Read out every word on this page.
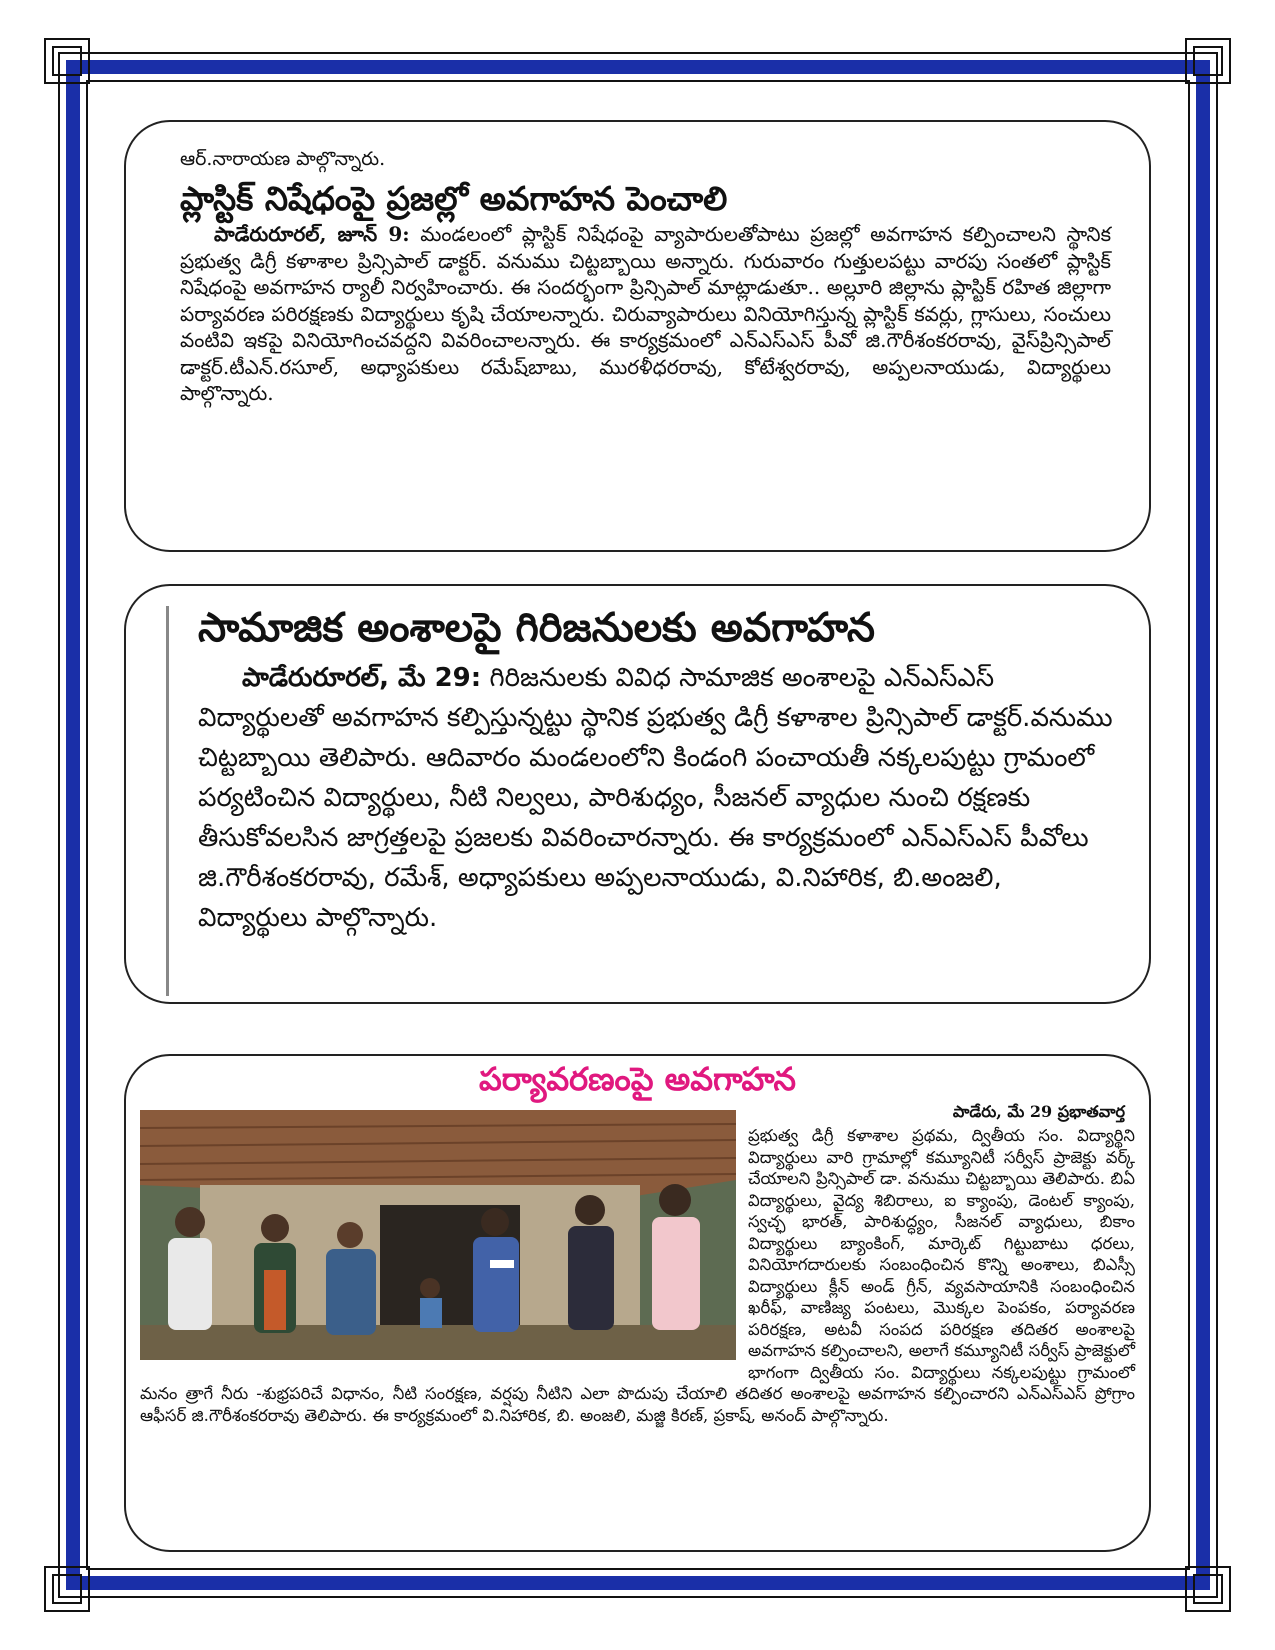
ఆర్.నారాయణ పాల్గొన్నారు.

ప్లాస్టిక్ నిషేధంపై ప్రజల్లో అవగాహన పెంచాలి

పాడేరురూరల్, జూన్ 9: మండలంలో ప్లాస్టిక్ నిషేధంపై వ్యాపారులతోపాటు ప్రజల్లో అవగాహన కల్పించాలని స్థానిక ప్రభుత్వ డిగ్రీ కళాశాల ప్రిన్సిపాల్ డాక్టర్. వనుము చిట్టబ్బాయి అన్నారు. గురువారం గుత్తులపట్టు వారపు సంతలో ప్లాస్టిక్ నిషేధంపై అవగాహన ర్యాలీ నిర్వహించారు. ఈ సందర్భంగా ప్రిన్సిపాల్ మాట్లాడుతూ.. అల్లూరి జిల్లాను ప్లాస్టిక్ రహిత జిల్లాగా పర్యావరణ పరిరక్షణకు విద్యార్థులు కృషి చేయాలన్నారు. చిరువ్యాపారులు వినియోగిస్తున్న ప్లాస్టిక్ కవర్లు, గ్లాసులు, సంచులు వంటివి ఇకపై వినియోగించవద్దని వివరించాలన్నారు. ఈ కార్యక్రమంలో ఎన్ఎస్ఎస్ పీవో జి.గౌరీశంకరరావు, వైస్‌ప్రిన్సిపాల్ డాక్టర్.టీఎన్.రసూల్, అధ్యాపకులు రమేష్‌బాబు, మురళీధరరావు, కోటేశ్వరరావు, అప్పలనాయుడు, విద్యార్థులు పాల్గొన్నారు.

సామాజిక అంశాలపై గిరిజనులకు అవగాహన

పాడేరురూరల్, మే 29: గిరిజనులకు వివిధ సామాజిక అంశాలపై ఎన్ఎస్ఎస్ విద్యార్థులతో అవగాహన కల్పిస్తున్నట్టు స్థానిక ప్రభుత్వ డిగ్రీ కళాశాల ప్రిన్సిపాల్ డాక్టర్.వనుము చిట్టబ్బాయి తెలిపారు. ఆదివారం మండలంలోని కిండంగి పంచాయతీ నక్కలపుట్టు గ్రామంలో పర్యటించిన విద్యార్థులు, నీటి నిల్వలు, పారిశుధ్యం, సీజనల్ వ్యాధుల నుంచి రక్షణకు తీసుకోవలసిన జాగ్రత్తలపై ప్రజలకు వివరించారన్నారు. ఈ కార్యక్రమంలో ఎన్ఎస్ఎస్ పీవోలు జి.గౌరీశంకరరావు, రమేశ్, అధ్యాపకులు అప్పలనాయుడు, వి.నిహారిక, బి.అంజలి, విద్యార్థులు పాల్గొన్నారు.

పర్యావరణంపై అవగాహన

పాడేరు, మే 29 ప్రభాతవార్త

ప్రభుత్వ డిగ్రీ కళాశాల ప్రథమ, ద్వితీయ సం. విద్యార్థిని విద్యార్థులు వారి గ్రామాల్లో కమ్యూనిటీ సర్వీస్ ప్రాజెక్టు వర్క్ చేయాలని ప్రిన్సిపాల్ డా. వనుము చిట్టబ్బాయి తెలిపారు. బిఏ విద్యార్థులు, వైద్య శిబిరాలు, ఐ క్యాంపు, డెంటల్ క్యాంపు, స్వచ్ఛ భారత్, పారిశుద్ధ్యం, సీజనల్ వ్యాధులు, బికాం విద్యార్థులు బ్యాంకింగ్, మార్కెట్ గిట్టుబాటు ధరలు, వినియోగదారులకు సంబంధించిన కొన్ని అంశాలు, బిఎస్సీ విద్యార్థులు క్లీన్ అండ్ గ్రీన్, వ్యవసాయానికి సంబంధించిన ఖరీఫ్, వాణిజ్య పంటలు, మొక్కల పెంపకం, పర్యావరణ పరిరక్షణ, అటవీ సంపద పరిరక్షణ తదితర అంశాలపై అవగాహన కల్పించాలని, అలాగే కమ్యూనిటీ సర్వీస్ ప్రాజెక్టులో భాగంగా ద్వితీయ సం. విద్యార్థులు నక్కలపుట్టు గ్రామంలో మనం త్రాగే నీరు -శుభ్రపరిచే విధానం, నీటి సంరక్షణ, వర్షపు నీటిని ఎలా పొదుపు చేయాలి తదితర అంశాలపై అవగాహన కల్పించారని ఎన్ఎస్ఎస్ ప్రోగ్రాం ఆఫీసర్ జి.గౌరీశంకరరావు తెలిపారు. ఈ కార్యక్రమంలో వి.నిహారిక, బి. అంజలి, మజ్జి కిరణ్, ప్రకాష్, అనంద్ పాల్గొన్నారు.
